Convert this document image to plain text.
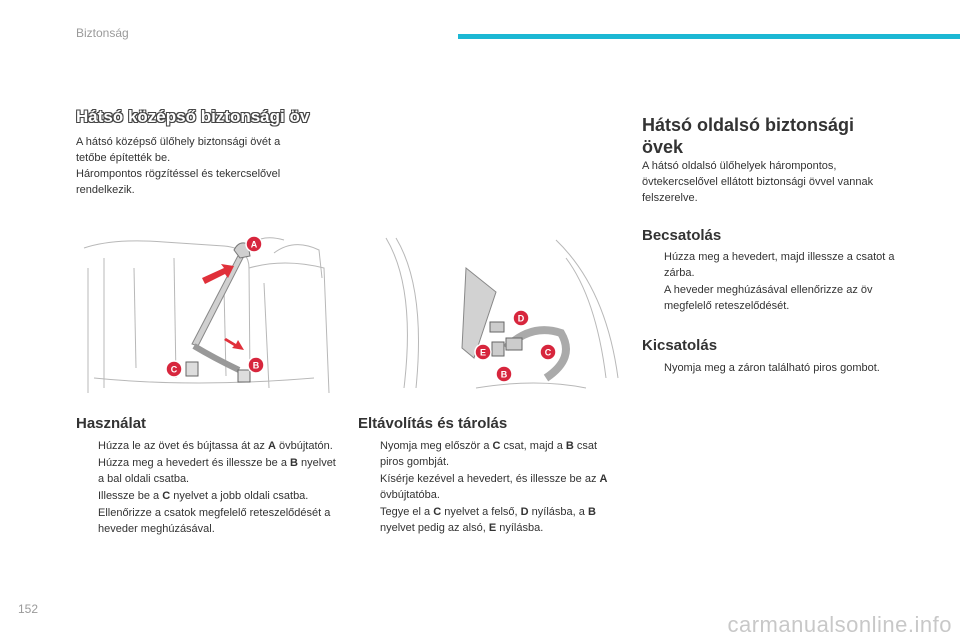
Biztonság
Hátsó középső biztonsági öv
A hátsó középső ülőhely biztonsági övét a
tetőbe építették be.
Hárompontos rögzítéssel és tekercselővel
rendelkezik.
A
B
C
Használat
Húzza le az övet és bújtassa át az A övbújtatón.
Húzza meg a hevedert és illessze be a B nyelvet a bal oldali csatba.
Illessze be a C nyelvet a jobb oldali csatba.
Ellenőrizze a csatok megfelelő reteszelődését a heveder meghúzásával.
D
E	C
B
Eltávolítás és tárolás
Nyomja meg először a C csat, majd a B csat piros gombját.
Kísérje kezével a hevedert, és illessze be az A övbújtatóba.
Tegye el a C nyelvet a felső, D nyílásba, a B nyelvet pedig az alsó, E nyílásba.
Hátsó oldalsó biztonsági
övek
A hátsó oldalsó ülőhelyek hárompontos,
övtekercselővel ellátott biztonsági övvel vannak
felszerelve.
Becsatolás
Húzza meg a hevedert, majd illessze a csatot a zárba.
A heveder meghúzásával ellenőrizze az öv megfelelő reteszelődését.
Kicsatolás
Nyomja meg a záron található piros gombot.
152
carmanualsonline.info
